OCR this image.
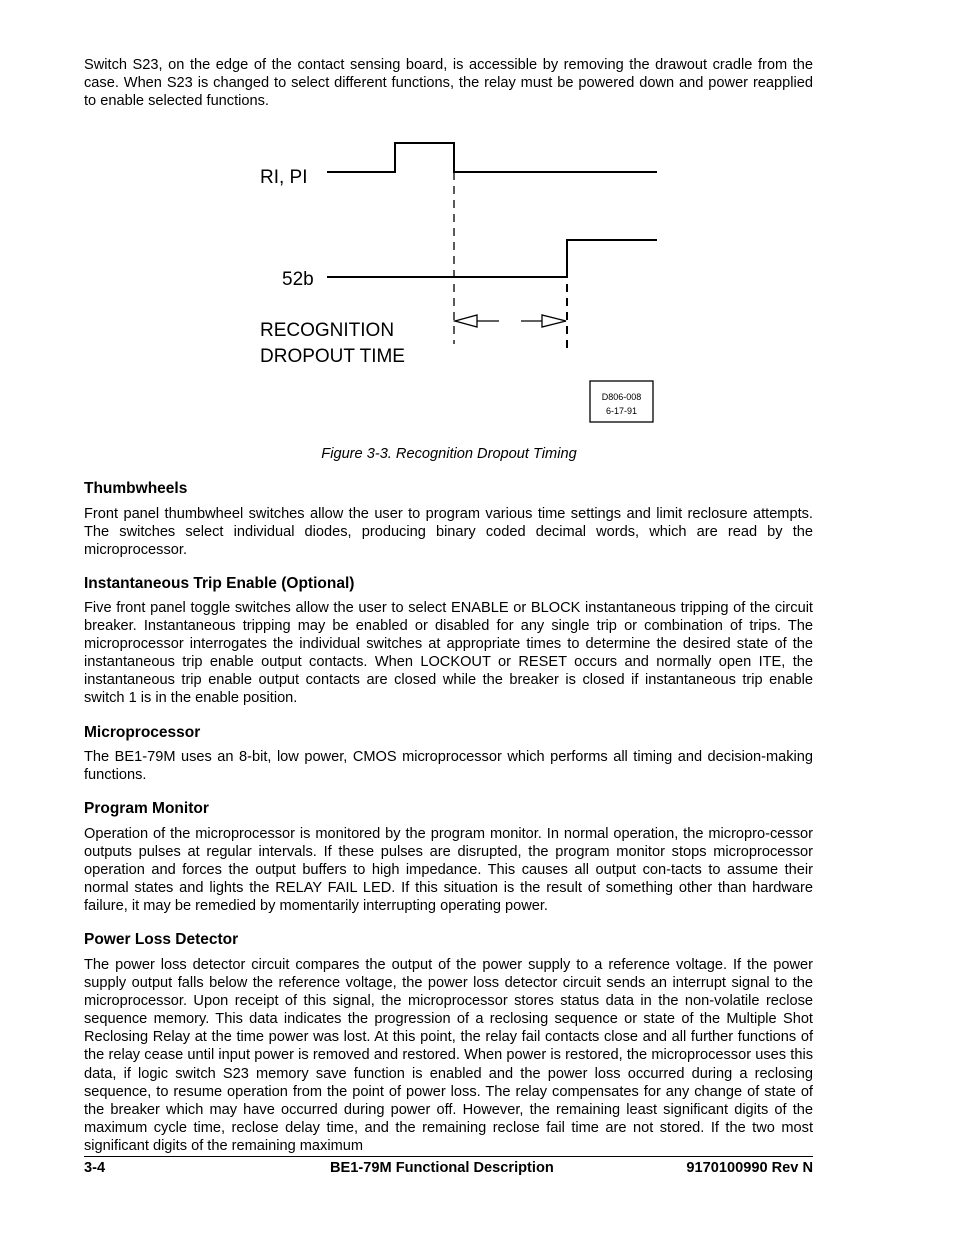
Switch S23, on the edge of the contact sensing board, is accessible by removing the drawout cradle from the case. When S23 is changed to select different functions, the relay must be powered down and power reapplied to enable selected functions.

RI, PI
52b
RECOGNITION
DROPOUT TIME
D806-008
6-17-91
Figure 3-3. Recognition Dropout Timing
Thumbwheels

Front panel thumbwheel switches allow the user to program various time settings and limit reclosure attempts. The switches select individual diodes, producing binary coded decimal words, which are read by the microprocessor.

Instantaneous Trip Enable (Optional)

Five front panel toggle switches allow the user to select ENABLE or BLOCK instantaneous tripping of the circuit breaker. Instantaneous tripping may be enabled or disabled for any single trip or combination of trips. The microprocessor interrogates the individual switches at appropriate times to determine the desired state of the instantaneous trip enable output contacts. When LOCKOUT or RESET occurs and normally open ITE, the instantaneous trip enable output contacts are closed while the breaker is closed if instantaneous trip enable switch 1 is in the enable position.

Microprocessor

The BE1-79M uses an 8-bit, low power, CMOS microprocessor which performs all timing and decision-making functions.

Program Monitor

Operation of the microprocessor is monitored by the program monitor. In normal operation, the micropro-cessor outputs pulses at regular intervals. If these pulses are disrupted, the program monitor stops microprocessor operation and forces the output buffers to high impedance. This causes all output con-tacts to assume their normal states and lights the RELAY FAIL LED. If this situation is the result of something other than hardware failure, it may be remedied by momentarily interrupting operating power.

Power Loss Detector

The power loss detector circuit compares the output of the power supply to a reference voltage. If the power supply output falls below the reference voltage, the power loss detector circuit sends an interrupt signal to the microprocessor. Upon receipt of this signal, the microprocessor stores status data in the non-volatile reclose sequence memory. This data indicates the progression of a reclosing sequence or state of the Multiple Shot Reclosing Relay at the time power was lost. At this point, the relay fail contacts close and all further functions of the relay cease until input power is removed and restored. When power is restored, the microprocessor uses this data, if logic switch S23 memory save function is enabled and the power loss occurred during a reclosing sequence, to resume operation from the point of power loss. The relay compensates for any change of state of the breaker which may have occurred during power off. However, the remaining least significant digits of the maximum cycle time, reclose delay time, and the remaining reclose fail time are not stored. If the two most significant digits of the remaining maximum

3-4	BE1-79M Functional Description	9170100990 Rev N
